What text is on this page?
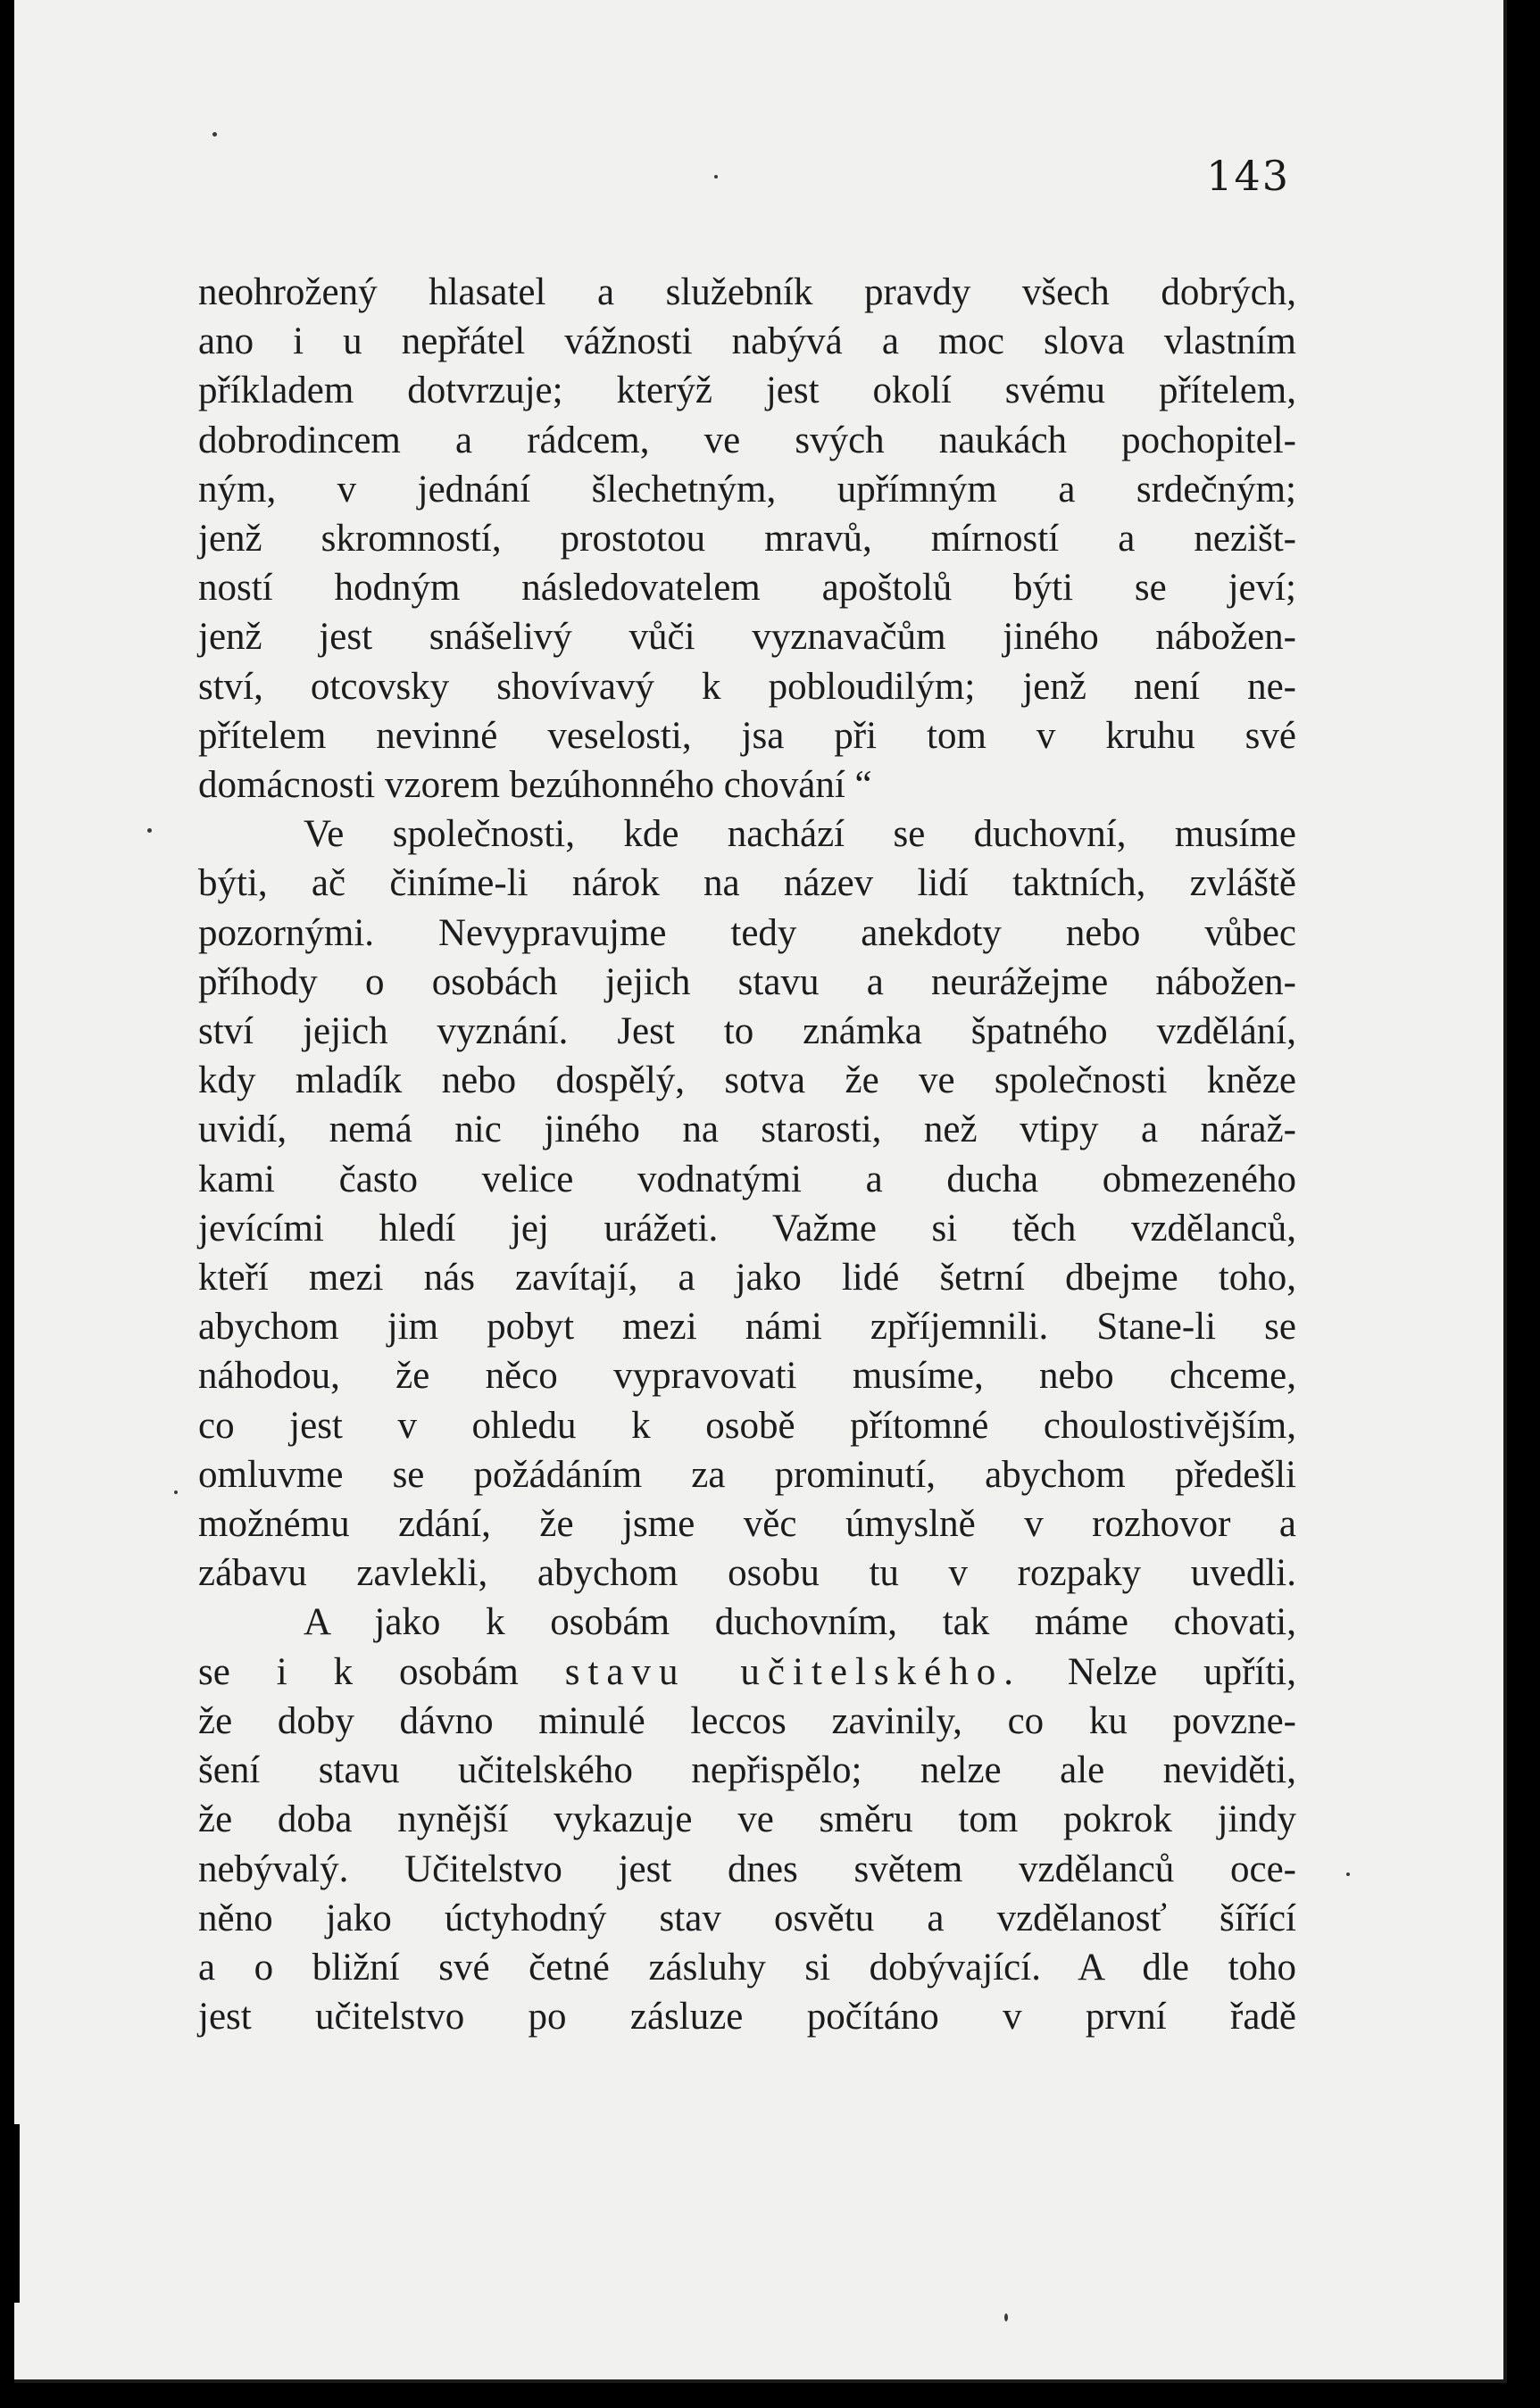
143
neohrožený hlasatel a služebník pravdy všech dobrých,
ano i u nepřátel vážnosti nabývá a moc slova vlastním
příkladem dotvrzuje; kterýž jest okolí svému přítelem,
dobrodincem a rádcem, ve svých naukách pochopitel-
ným, v jednání šlechetným, upřímným a srdečným;
jenž skromností, prostotou mravů, mírností a nezišt-
ností hodným následovatelem apoštolů býti se jeví;
jenž jest snášelivý vůči vyznavačům jiného nábožen-
ství, otcovsky shovívavý k pobloudilým; jenž není ne-
přítelem nevinné veselosti, jsa při tom v kruhu své
domácnosti vzorem bezúhonného chování “
Ve společnosti, kde nachází se duchovní, musíme
býti, ač činíme-li nárok na název lidí taktních, zvláště
pozornými. Nevypravujme tedy anekdoty nebo vůbec
příhody o osobách jejich stavu a neurážejme nábožen-
ství jejich vyznání. Jest to známka špatného vzdělání,
kdy mladík nebo dospělý, sotva že ve společnosti kněze
uvidí, nemá nic jiného na starosti, než vtipy a nárаž-
kami často velice vodnatými a ducha obmezeného
jevícími hledí jej urážeti. Važme si těch vzdělanců,
kteří mezi nás zavítají, a jako lidé šetrní dbejme toho,
abychom jim pobyt mezi námi zpříjemnili. Stane-li se
náhodou, že něco vypravovati musíme, nebo chceme,
co jest v ohledu k osobě přítomné choulostivějším,
omluvme se požádáním za prominutí, abychom předešli
možnému zdání, že jsme věc úmyslně v rozhovor a
zábavu zavlekli, abychom osobu tu v rozpaky uvedli.
A jako k osobám duchovním, tak máme chovati,
se i k osobám stavu učitelského. Nelze upříti,
že doby dávno minulé leccos zavinily, co ku povzne-
šení stavu učitelského nepřispělo; nelze ale neviděti,
že doba nynější vykazuje ve směru tom pokrok jindy
nebývalý. Učitelstvo jest dnes světem vzdělanců oce-
něno jako úctyhodný stav osvětu a vzdělanosť šířící
a o bližní své četné zásluhy si dobývající. A dle toho
jest učitelstvo po zásluze počítáno v první řadě
